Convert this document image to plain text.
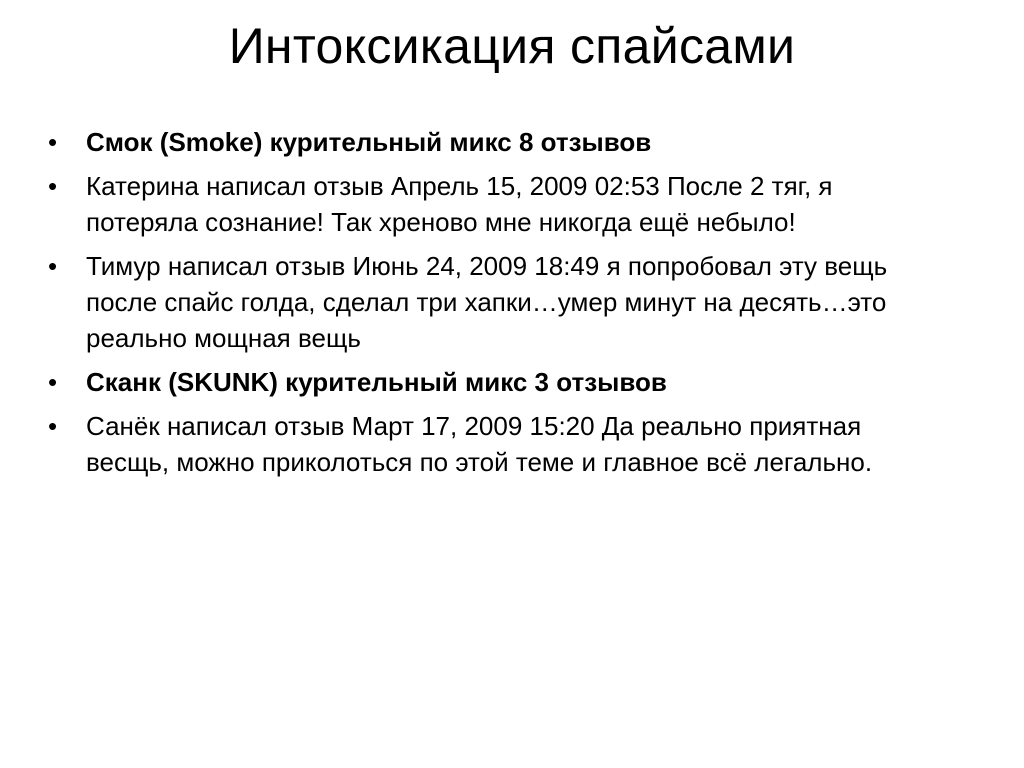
Интоксикация спайсами
•	Смок (Smoke) курительный микс 8 отзывов
•	Катерина написал отзыв Апрель 15, 2009 02:53 После 2 тяг, я потеряла сознание! Так хреново мне никогда ещё небыло!
•	Тимур написал отзыв Июнь 24, 2009 18:49 я попробовал эту вещь после спайс голда, сделал три хапки…умер минут на десять…это реально мощная вещь
•	Сканк (SKUNK) курительный микс 3 отзывов
•	Санёк написал отзыв Март 17, 2009 15:20 Да реально приятная весщь, можно приколоться по этой теме и главное всё легально.
